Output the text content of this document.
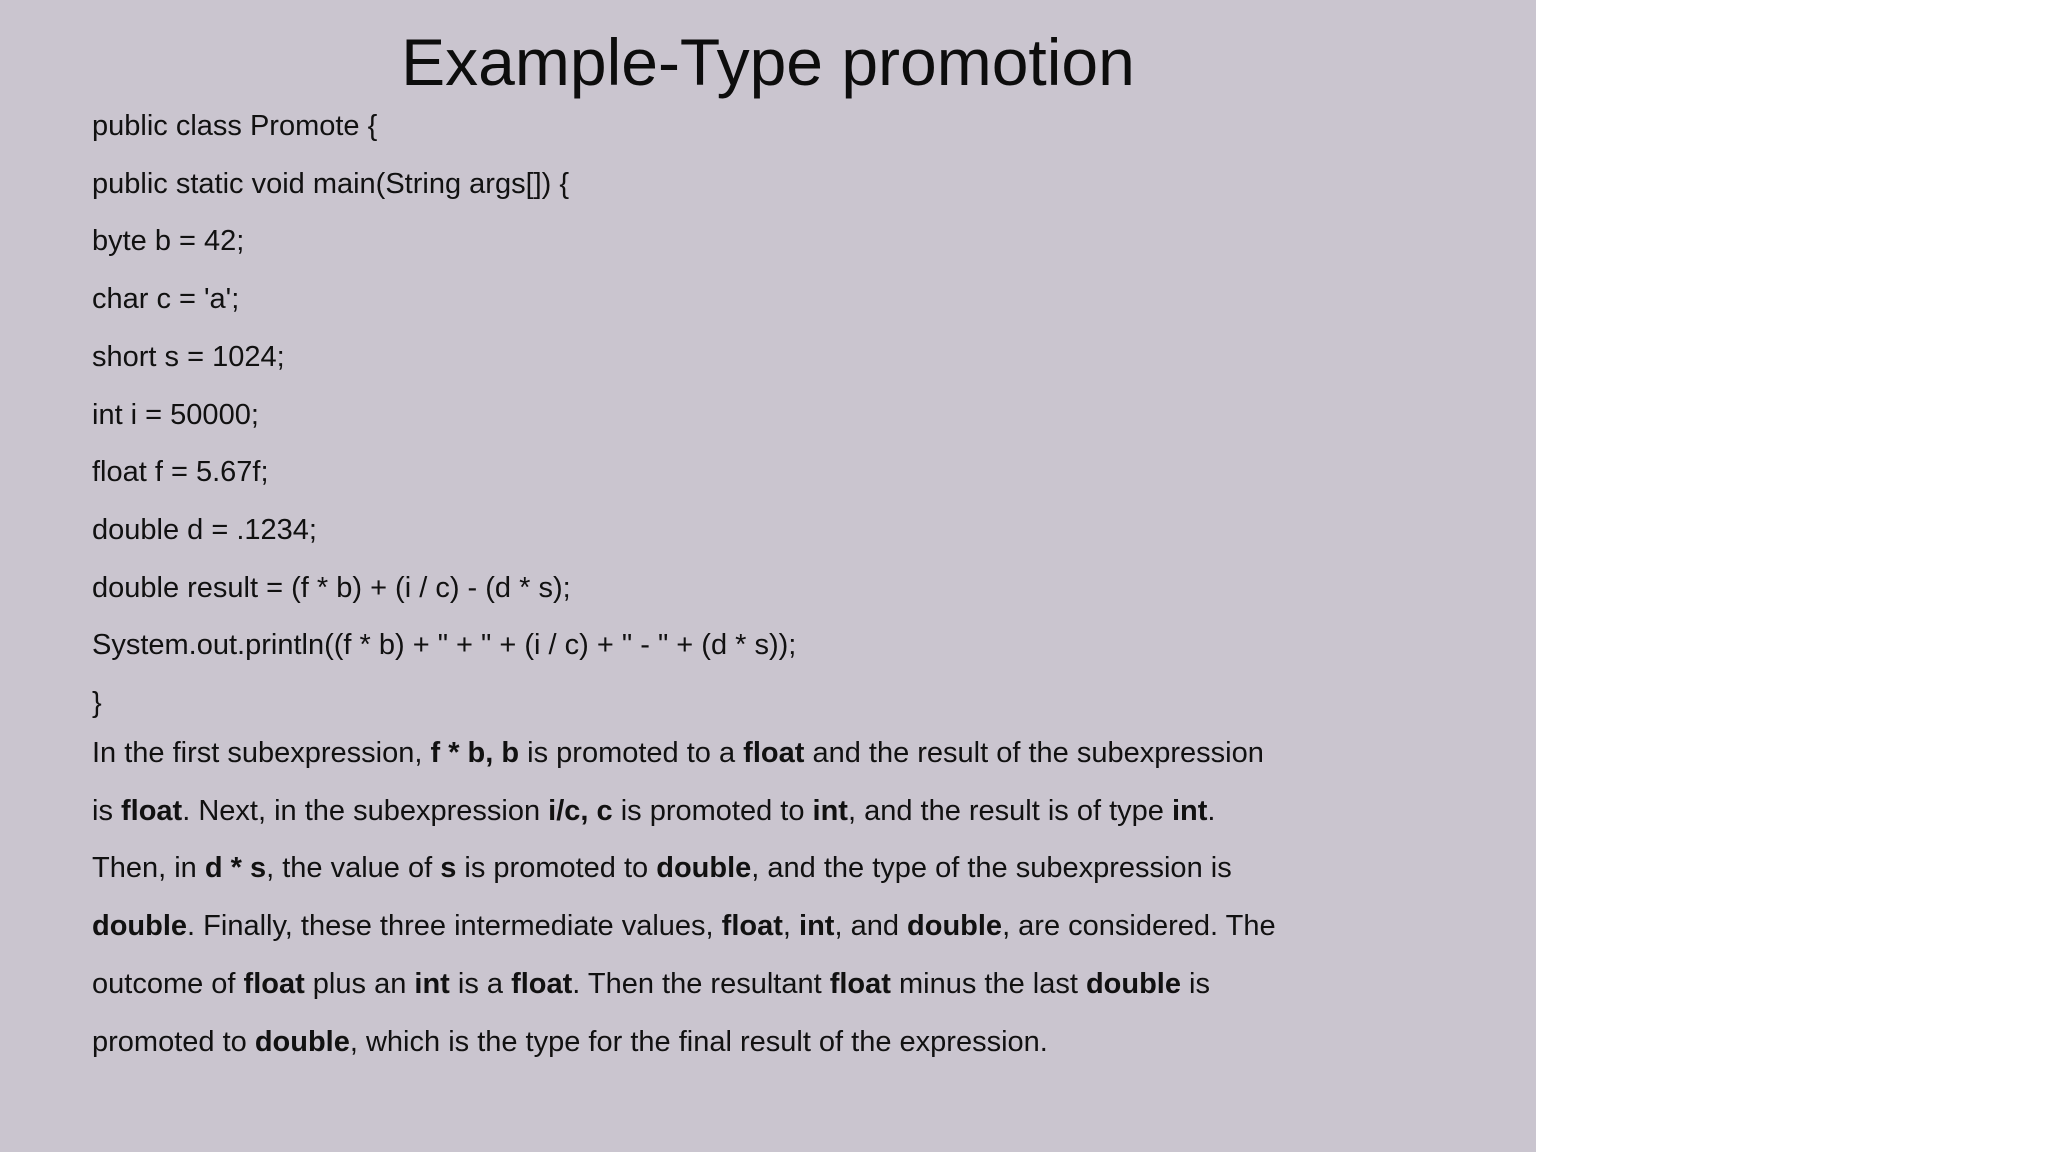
Example-Type promotion
public class Promote {
public static void main(String args[]) {
byte b = 42;
char c = 'a';
short s = 1024;
int i = 50000;
float f = 5.67f;
double d = .1234;
double result = (f * b) + (i / c) - (d * s);
System.out.println((f * b) + " + " + (i / c) + " - " + (d * s));
}
In the first subexpression, f * b, b is promoted to a float and the result of the subexpression
is float. Next, in the subexpression i/c, c is promoted to int, and the result is of type int.
Then, in d * s, the value of s is promoted to double, and the type of the subexpression is
double. Finally, these three intermediate values, float, int, and double, are considered. The
outcome of float plus an int is a float. Then the resultant float minus the last double is
promoted to double, which is the type for the final result of the expression.
